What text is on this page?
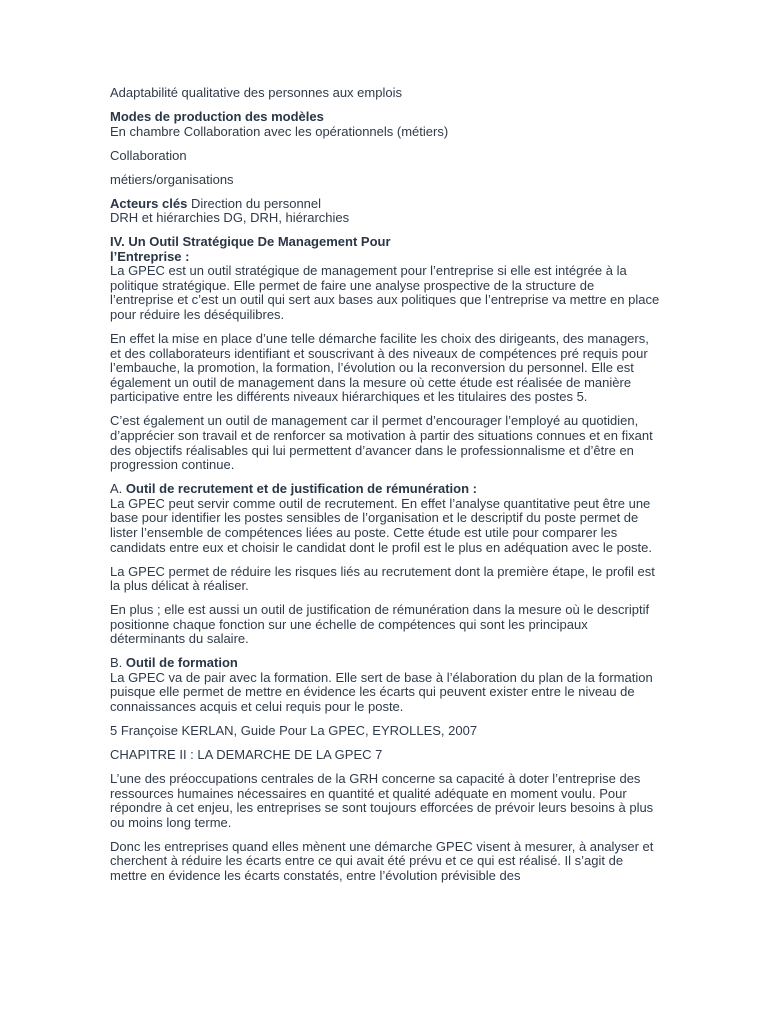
Adaptabilité qualitative des personnes aux emplois

Modes de production des modèles
En chambre Collaboration avec les opérationnels (métiers)

Collaboration

métiers/organisations

Acteurs clés Direction du personnel
DRH et hiérarchies DG, DRH, hiérarchies

IV. Un Outil Stratégique De Management Pour
l’Entreprise :
La GPEC est un outil stratégique de management pour l’entreprise si elle est intégrée à la politique stratégique. Elle permet de faire une analyse prospective de la structure de l’entreprise et c’est un outil qui sert aux bases aux politiques que l’entreprise va mettre en place pour réduire les déséquilibres.

En effet la mise en place d’une telle démarche facilite les choix des dirigeants, des managers, et des collaborateurs identifiant et souscrivant à des niveaux de compétences pré requis pour l’embauche, la promotion, la formation, l’évolution ou la reconversion du personnel. Elle est également un outil de management dans la mesure où cette étude est réalisée de manière participative entre les différents niveaux hiérarchiques et les titulaires des postes 5.

C’est également un outil de management car il permet d’encourager l’employé au quotidien, d’apprécier son travail et de renforcer sa motivation à partir des situations connues et en fixant des objectifs réalisables qui lui permettent d’avancer dans le professionnalisme et d’être en progression continue.

A. Outil de recrutement et de justification de rémunération :
La GPEC peut servir comme outil de recrutement. En effet l’analyse quantitative peut être une base pour identifier les postes sensibles de l’organisation et le descriptif du poste permet de lister l’ensemble de compétences liées au poste. Cette étude est utile pour comparer les candidats entre eux et choisir le candidat dont le profil est le plus en adéquation avec le poste.

La GPEC permet de réduire les risques liés au recrutement dont la première étape, le profil est la plus délicat à réaliser.

En plus ; elle est aussi un outil de justification de rémunération dans la mesure où le descriptif positionne chaque fonction sur une échelle de compétences qui sont les principaux déterminants du salaire.

B. Outil de formation
La GPEC va de pair avec la formation. Elle sert de base à l’élaboration du plan de la formation puisque elle permet de mettre en évidence les écarts qui peuvent exister entre le niveau de connaissances acquis et celui requis pour le poste.

5 Françoise KERLAN, Guide Pour La GPEC, EYROLLES, 2007

CHAPITRE II : LA DEMARCHE DE LA GPEC 7

L’une des préoccupations centrales de la GRH concerne sa capacité à doter l’entreprise des ressources humaines nécessaires en quantité et qualité adéquate en moment voulu. Pour répondre à cet enjeu, les entreprises se sont toujours efforcées de prévoir leurs besoins à plus ou moins long terme.

Donc les entreprises quand elles mènent une démarche GPEC visent à mesurer, à analyser et cherchent à réduire les écarts entre ce qui avait été prévu et ce qui est réalisé. Il s’agit de mettre en évidence les écarts constatés, entre l’évolution prévisible des
